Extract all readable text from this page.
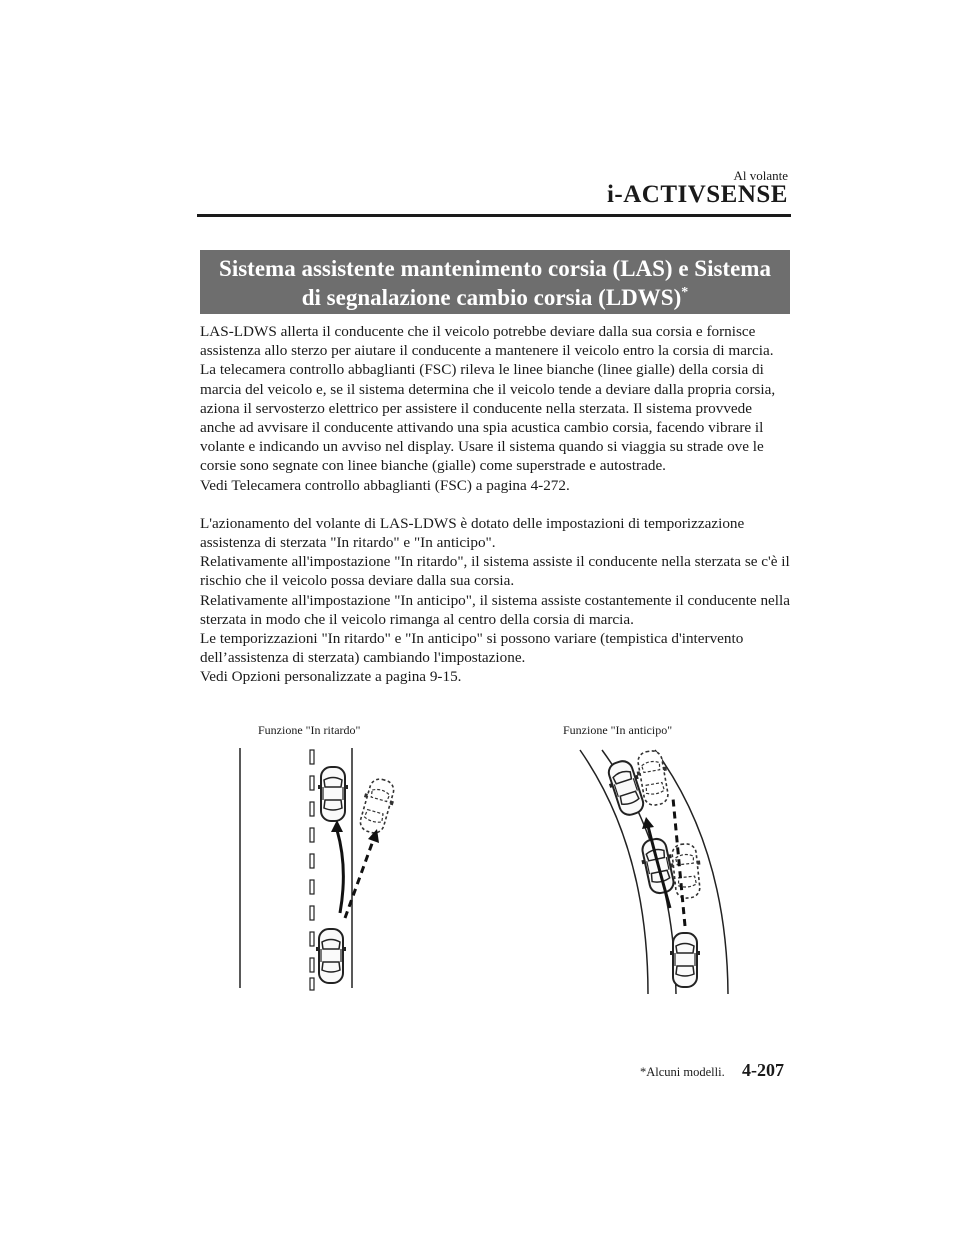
Al volante

i-ACTIVSENSE

Sistema assistente mantenimento corsia (LAS) e Sistema
di segnalazione cambio corsia (LDWS)*

LAS-LDWS allerta il conducente che il veicolo potrebbe deviare dalla sua corsia e fornisce assistenza allo sterzo per aiutare il conducente a mantenere il veicolo entro la corsia di marcia.

La telecamera controllo abbaglianti (FSC) rileva le linee bianche (linee gialle) della corsia di marcia del veicolo e, se il sistema determina che il veicolo tende a deviare dalla propria corsia, aziona il servosterzo elettrico per assistere il conducente nella sterzata. Il sistema provvede anche ad avvisare il conducente attivando una spia acustica cambio corsia, facendo vibrare il volante e indicando un avviso nel display. Usare il sistema quando si viaggia su strade ove le corsie sono segnate con linee bianche (gialle) come superstrade e autostrade.

Vedi Telecamera controllo abbaglianti (FSC) a pagina 4-272.

L'azionamento del volante di LAS-LDWS è dotato delle impostazioni di temporizzazione assistenza di sterzata "In ritardo" e "In anticipo".

Relativamente all'impostazione "In ritardo", il sistema assiste il conducente nella sterzata se c'è il rischio che il veicolo possa deviare dalla sua corsia.

Relativamente all'impostazione "In anticipo", il sistema assiste costantemente il conducente nella sterzata in modo che il veicolo rimanga al centro della corsia di marcia.

Le temporizzazioni "In ritardo" e "In anticipo" si possono variare (tempistica d'intervento dell’assistenza di sterzata) cambiando l'impostazione.

Vedi Opzioni personalizzate a pagina 9-15.

Funzione "In ritardo"	Funzione "In anticipo"

*Alcuni modelli. 4-207
